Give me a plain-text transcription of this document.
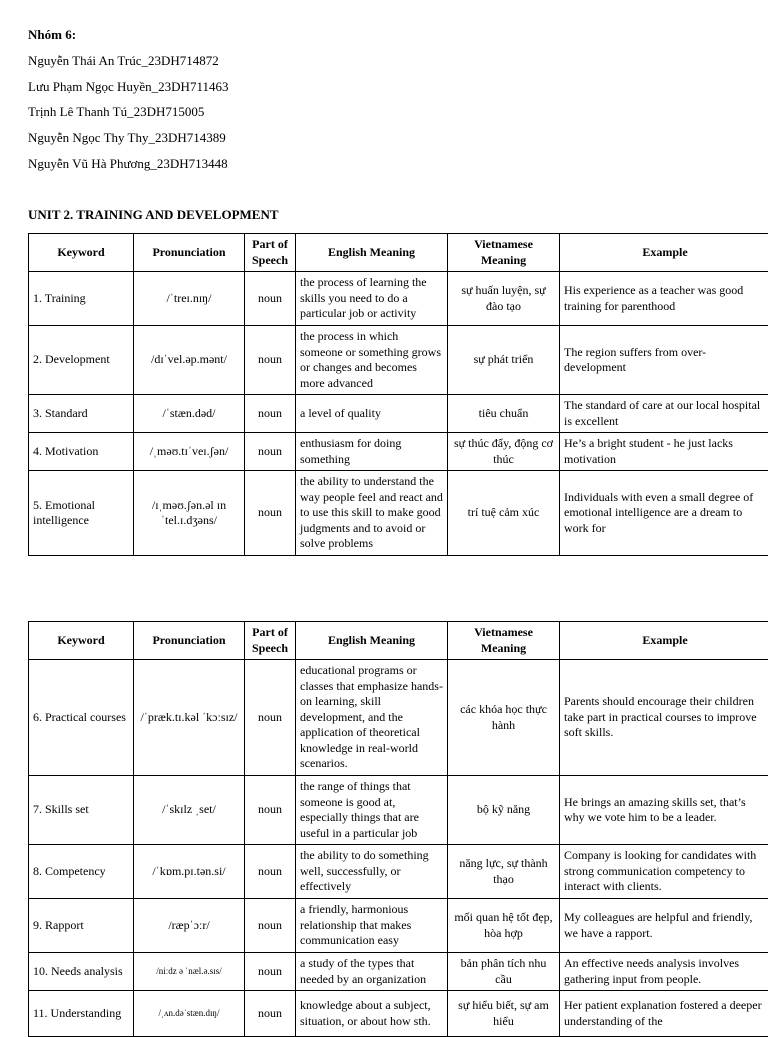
Nhóm 6:
Nguyễn Thái An Trúc_23DH714872
Lưu Phạm Ngọc Huyền_23DH711463
Trịnh Lê Thanh Tú_23DH715005
Nguyễn Ngọc Thy Thy_23DH714389
Nguyễn Vũ Hà Phương_23DH713448
UNIT 2. TRAINING AND DEVELOPMENT
Keyword	Pronunciation	Part of Speech	English Meaning	Vietnamese Meaning	Example
1. Training	/ˈtreɪ.nɪŋ/	noun	the process of learning the skills you need to do a particular job or activity	sự huấn luyện, sự đào tạo	His experience as a teacher was good training for parenthood
2. Development	/dɪˈvel.əp.mənt/	noun	the process in which someone or something grows or changes and becomes more advanced	sự phát triển	The region suffers from over-development
3. Standard	/ˈstæn.dəd/	noun	a level of quality	tiêu chuẩn	The standard of care at our local hospital is excellent
4. Motivation	/ˌməʊ.tɪˈveɪ.ʃən/	noun	enthusiasm for doing something	sự thúc đẩy, động cơ thúc	He’s a bright student - he just lacks motivation
5. Emotional intelligence	/ɪˌməʊ.ʃən.əl ɪn ˈtel.ɪ.dʒəns/	noun	the ability to understand the way people feel and react and to use this skill to make good judgments and to avoid or solve problems	trí tuệ cảm xúc	Individuals with even a small degree of emotional intelligence are a dream to work for
Keyword	Pronunciation	Part of Speech	English Meaning	Vietnamese Meaning	Example
6. Practical courses	/ˈpræk.tɪ.kəl ˈkɔːsɪz/	noun	educational programs or classes that emphasize hands-on learning, skill development, and the application of theoretical knowledge in real-world scenarios.	các khóa học thực hành	Parents should encourage their children take part in practical courses to improve soft skills.
7. Skills set	/ˈskɪlz ˌset/	noun	the range of things that someone is good at, especially things that are useful in a particular job	bộ kỹ năng	He brings an amazing skills set, that’s why we vote him to be a leader.
8. Competency	/ˈkɒm.pɪ.tən.si/	noun	the ability to do something well, successfully, or effectively	năng lực, sự thành thạo	Company is looking for candidates with strong communication competency to interact with clients.
9. Rapport	/ræpˈɔːr/	noun	a friendly, harmonious relationship that makes communication easy	mối quan hệ tốt đẹp, hòa hợp	My colleagues are helpful and friendly, we have a rapport.
10. Needs analysis	/niːdz ə ˈnæl.ə.sɪs/	noun	a study of the types that needed by an organization	bản phân tích nhu cầu	An effective needs analysis involves gathering input from people.
11. Understanding	/ˌʌn.dəˈstæn.dɪŋ/	noun	knowledge about a subject, situation, or about how sth.	sự hiểu biết, sự am hiểu	Her patient explanation fostered a deeper understanding of the
